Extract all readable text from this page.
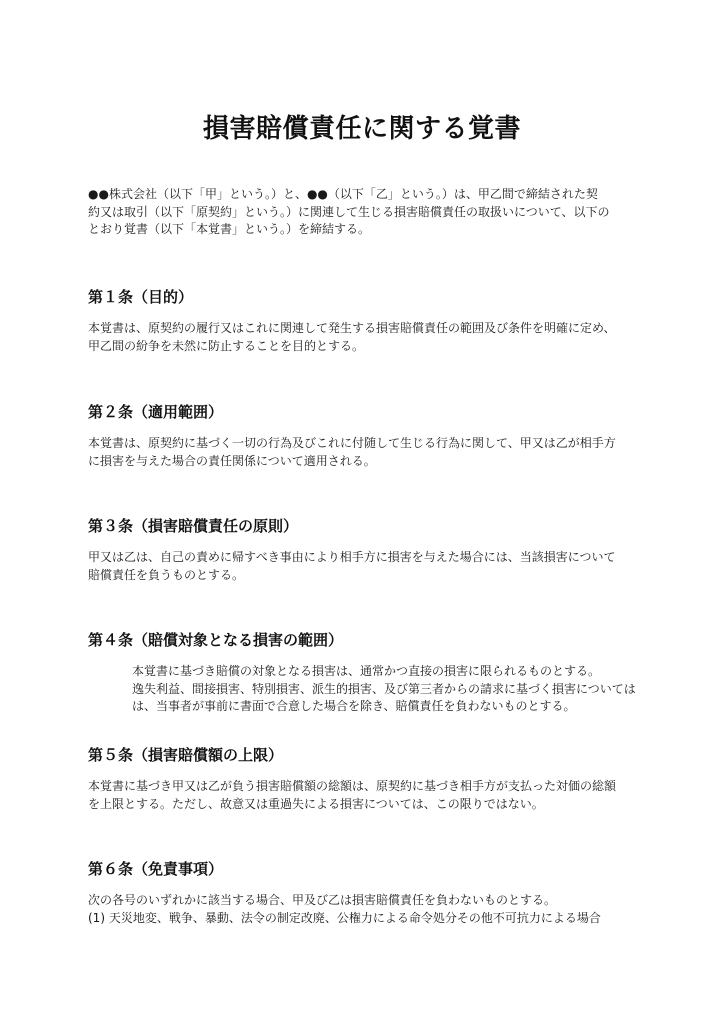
損害賠償責任に関する覚書
●●株式会社（以下「甲」という。）と、●●（以下「乙」という。）は、甲乙間で締結された契
約又は取引（以下「原契約」という。）に関連して生じる損害賠償責任の取扱いについて、以下の
とおり覚書（以下「本覚書」という。）を締結する。
第１条（目的）
本覚書は、原契約の履行又はこれに関連して発生する損害賠償責任の範囲及び条件を明確に定め、
甲乙間の紛争を未然に防止することを目的とする。
第２条（適用範囲）
本覚書は、原契約に基づく一切の行為及びこれに付随して生じる行為に関して、甲又は乙が相手方
に損害を与えた場合の責任関係について適用される。
第３条（損害賠償責任の原則）
甲又は乙は、自己の責めに帰すべき事由により相手方に損害を与えた場合には、当該損害について
賠償責任を負うものとする。
第４条（賠償対象となる損害の範囲）
本覚書に基づき賠償の対象となる損害は、通常かつ直接の損害に限られるものとする。
逸失利益、間接損害、特別損害、派生的損害、及び第三者からの請求に基づく損害については
は、当事者が事前に書面で合意した場合を除き、賠償責任を負わないものとする。
第５条（損害賠償額の上限）
本覚書に基づき甲又は乙が負う損害賠償額の総額は、原契約に基づき相手方が支払った対価の総額
を上限とする。ただし、故意又は重過失による損害については、この限りではない。
第６条（免責事項）
次の各号のいずれかに該当する場合、甲及び乙は損害賠償責任を負わないものとする。
(1) 天災地変、戦争、暴動、法令の制定改廃、公権力による命令処分その他不可抗力による場合
